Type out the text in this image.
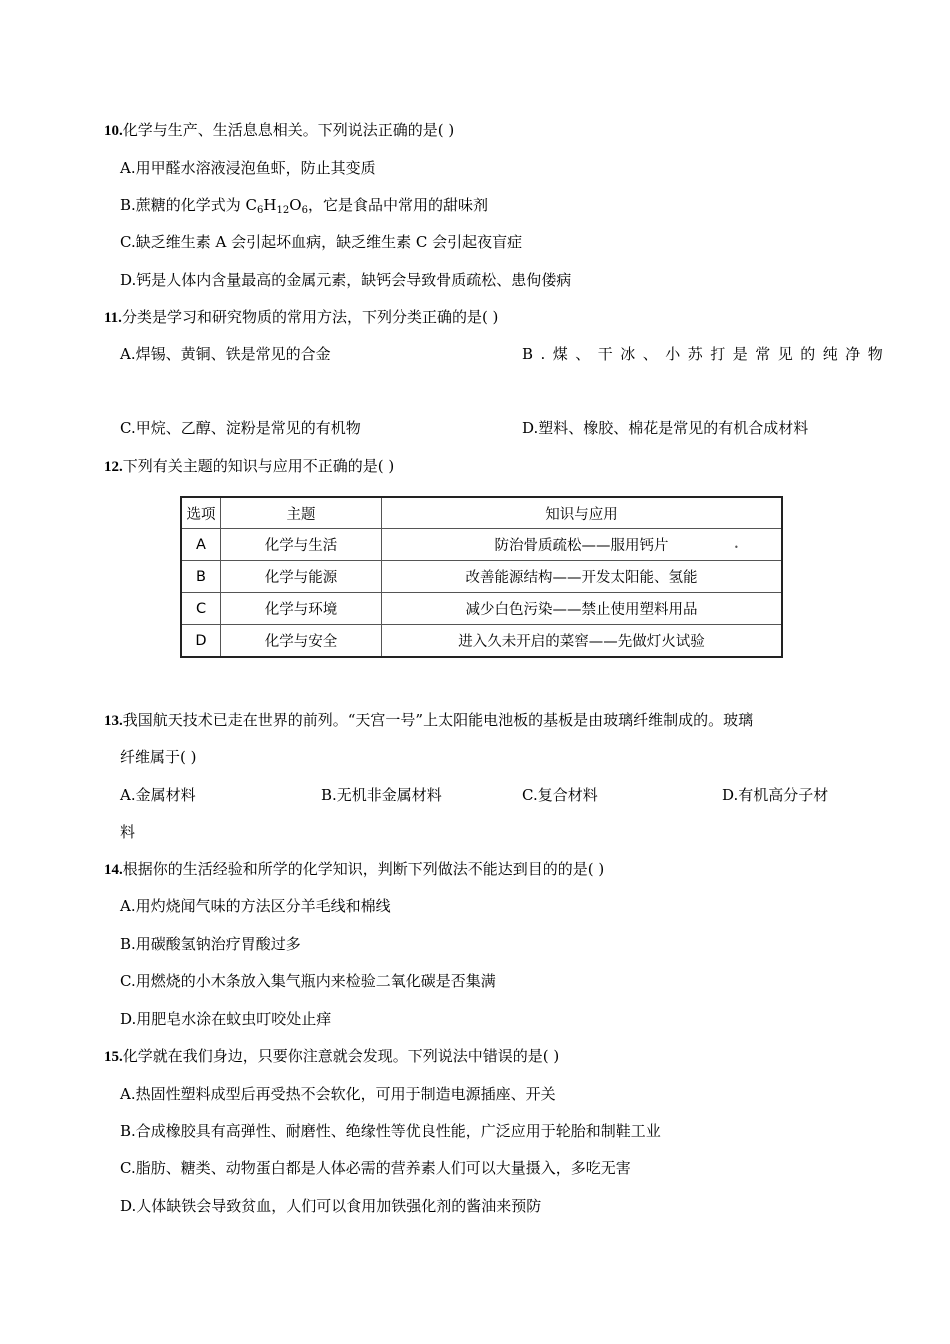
10.化学与生产、生活息息相关。下列说法正确的是( )
A.用甲醛水溶液浸泡鱼虾，防止其变质
B.蔗糖的化学式为 $C_6H_{12}O_6$，它是食品中常用的甜味剂
C.缺乏维生素 A 会引起坏血病，缺乏维生素 C 会引起夜盲症
D.钙是人体内含量最高的金属元素，缺钙会导致骨质疏松、患佝偻病
11.分类是学习和研究物质的常用方法，下列分类正确的是( )
A.焊锡、黄铜、铁是常见的合金	B.煤、干冰、小苏打是常见的纯净物
C.甲烷、乙醇、淀粉是常见的有机物	D.塑料、橡胶、棉花是常见的有机合成材料
12.下列有关主题的知识与应用不正确的是( )
选项	主题	知识与应用
A	化学与生活	防治骨质疏松——服用钙片
B	化学与能源	改善能源结构——开发太阳能、氢能
C	化学与环境	减少白色污染——禁止使用塑料用品
D	化学与安全	进入久未开启的菜窖——先做灯火试验
•
13.我国航天技术已走在世界的前列。“天宫一号”上太阳能电池板的基板是由玻璃纤维制成的。玻璃
纤维属于( )
A.金属材料	B.无机非金属材料	C.复合材料	D.有机高分子材
料
14.根据你的生活经验和所学的化学知识，判断下列做法不能达到目的的是( )
A.用灼烧闻气味的方法区分羊毛线和棉线
B.用碳酸氢钠治疗胃酸过多
C.用燃烧的小木条放入集气瓶内来检验二氧化碳是否集满
D.用肥皂水涂在蚊虫叮咬处止痒
15.化学就在我们身边，只要你注意就会发现。下列说法中错误的是( )
A.热固性塑料成型后再受热不会软化，可用于制造电源插座、开关
B.合成橡胶具有高弹性、耐磨性、绝缘性等优良性能，广泛应用于轮胎和制鞋工业
C.脂肪、糖类、动物蛋白都是人体必需的营养素人们可以大量摄入，多吃无害
D.人体缺铁会导致贫血，人们可以食用加铁强化剂的酱油来预防
